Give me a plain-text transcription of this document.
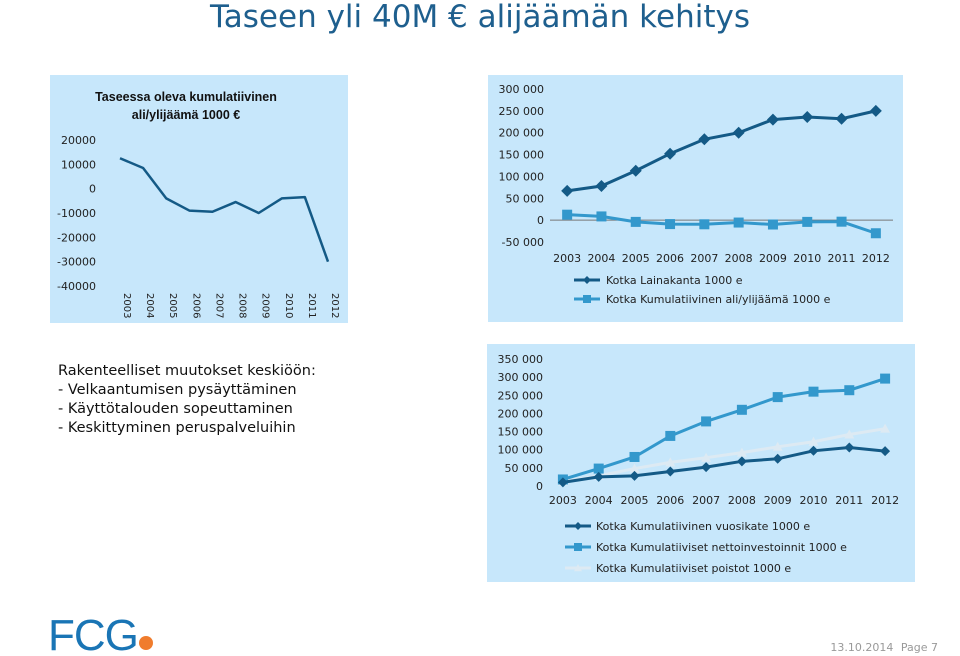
Taseen yli 40M € alijäämän kehitys
Taseessa oleva kumulatiivinen
ali/ylijäämä 1000 €
20000
10000
0
-10000
-20000
-30000
-40000
2003 2004 2005 2006 2007 2008 2009 2010 2011 2012
300 000
250 000
200 000
150 000
100 000
50 000
0
-50 000
2003 2004 2005 2006 2007 2008 2009 2010 2011 2012
Kotka Lainakanta 1000 e
Kotka Kumulatiivinen ali/ylijäämä 1000 e
Rakenteelliset muutokset keskiöön:
- Velkaantumisen pysäyttäminen
- Käyttötalouden sopeuttaminen
- Keskittyminen peruspalveluihin
350 000
300 000
250 000
200 000
150 000
100 000
50 000
0
2003 2004 2005 2006 2007 2008 2009 2010 2011 2012
Kotka Kumulatiivinen vuosikate 1000 e
Kotka Kumulatiiviset nettoinvestoinnit 1000 e
Kotka Kumulatiiviset poistot 1000 e
FCG	13.10.2014 Page 7
